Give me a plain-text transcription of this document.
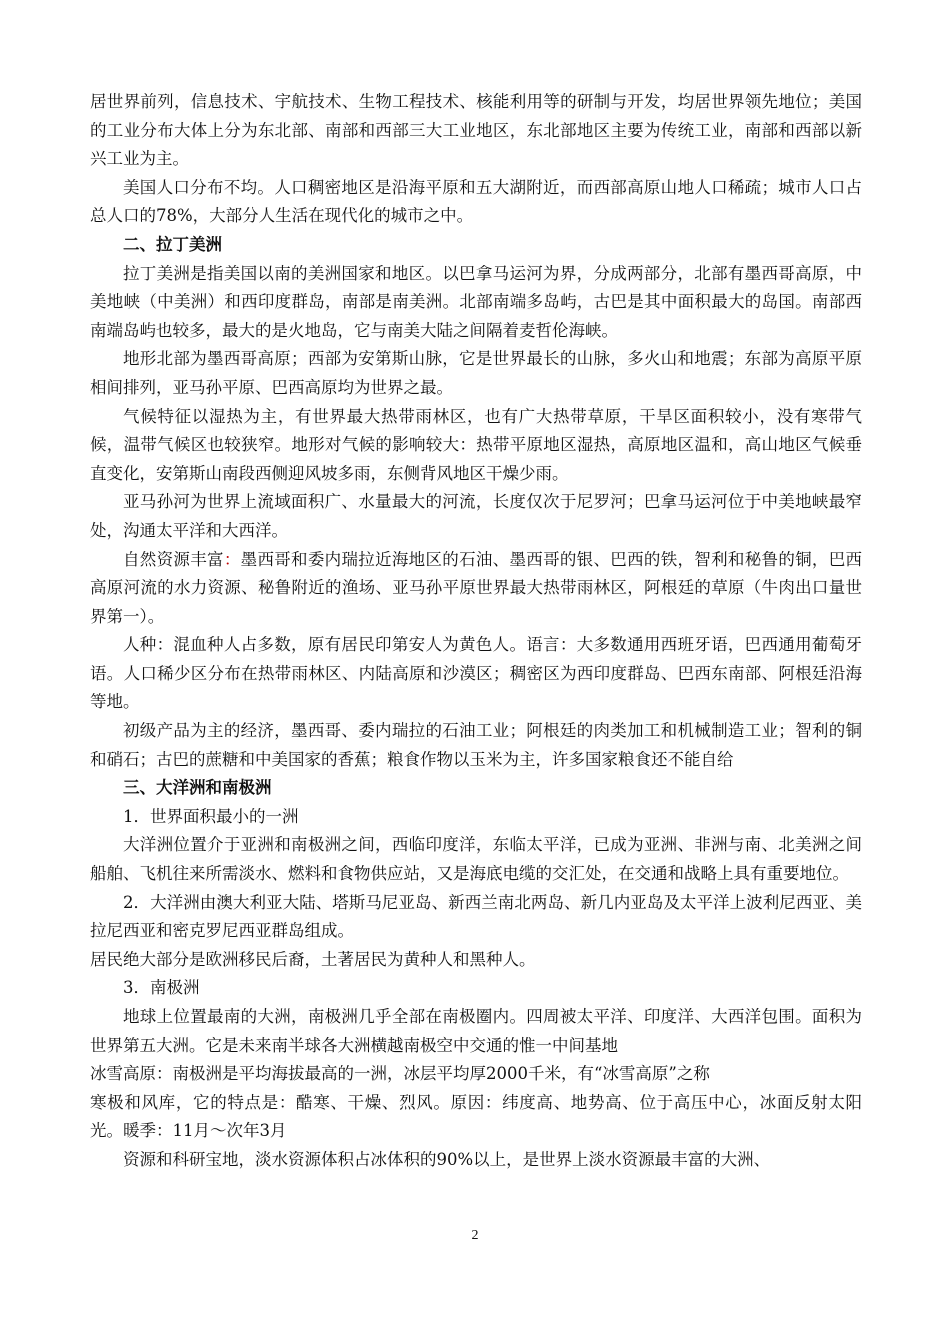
居世界前列，信息技术、宇航技术、生物工程技术、核能利用等的研制与开发，均居世界领先地位；美国的工业分布大体上分为东北部、南部和西部三大工业地区，东北部地区主要为传统工业，南部和西部以新兴工业为主。

美国人口分布不均。人口稠密地区是沿海平原和五大湖附近，而西部高原山地人口稀疏；城市人口占总人口的78%，大部分人生活在现代化的城市之中。

二、拉丁美洲

拉丁美洲是指美国以南的美洲国家和地区。以巴拿马运河为界，分成两部分，北部有墨西哥高原，中美地峡（中美洲）和西印度群岛，南部是南美洲。北部南端多岛屿，古巴是其中面积最大的岛国。南部西南端岛屿也较多，最大的是火地岛，它与南美大陆之间隔着麦哲伦海峡。

地形北部为墨西哥高原；西部为安第斯山脉，它是世界最长的山脉，多火山和地震；东部为高原平原相间排列，亚马孙平原、巴西高原均为世界之最。

气候特征以湿热为主，有世界最大热带雨林区，也有广大热带草原，干旱区面积较小，没有寒带气候，温带气候区也较狭窄。地形对气候的影响较大：热带平原地区湿热，高原地区温和，高山地区气候垂直变化，安第斯山南段西侧迎风坡多雨，东侧背风地区干燥少雨。

亚马孙河为世界上流域面积广、水量最大的河流，长度仅次于尼罗河；巴拿马运河位于中美地峡最窄处，沟通太平洋和大西洋。

自然资源丰富：墨西哥和委内瑞拉近海地区的石油、墨西哥的银、巴西的铁，智利和秘鲁的铜，巴西高原河流的水力资源、秘鲁附近的渔场、亚马孙平原世界最大热带雨林区，阿根廷的草原（牛肉出口量世界第一）。

人种：混血种人占多数，原有居民印第安人为黄色人。语言：大多数通用西班牙语，巴西通用葡萄牙语。人口稀少区分布在热带雨林区、内陆高原和沙漠区；稠密区为西印度群岛、巴西东南部、阿根廷沿海等地。

初级产品为主的经济，墨西哥、委内瑞拉的石油工业；阿根廷的肉类加工和机械制造工业；智利的铜和硝石；古巴的蔗糖和中美国家的香蕉；粮食作物以玉米为主，许多国家粮食还不能自给

三、大洋洲和南极洲

1．世界面积最小的一洲

大洋洲位置介于亚洲和南极洲之间，西临印度洋，东临太平洋，已成为亚洲、非洲与南、北美洲之间船舶、飞机往来所需淡水、燃料和食物供应站，又是海底电缆的交汇处，在交通和战略上具有重要地位。

2．大洋洲由澳大利亚大陆、塔斯马尼亚岛、新西兰南北两岛、新几内亚岛及太平洋上波利尼西亚、美拉尼西亚和密克罗尼西亚群岛组成。

居民绝大部分是欧洲移民后裔，土著居民为黄种人和黑种人。

3．南极洲

地球上位置最南的大洲，南极洲几乎全部在南极圈内。四周被太平洋、印度洋、大西洋包围。面积为世界第五大洲。它是未来南半球各大洲横越南极空中交通的惟一中间基地

冰雪高原：南极洲是平均海拔最高的一洲，冰层平均厚2000千米，有“冰雪高原”之称

寒极和风库，它的特点是：酷寒、干燥、烈风。原因：纬度高、地势高、位于高压中心，冰面反射太阳光。暖季：11月～次年3月

资源和科研宝地，淡水资源体积占冰体积的90%以上，是世界上淡水资源最丰富的大洲、

2
